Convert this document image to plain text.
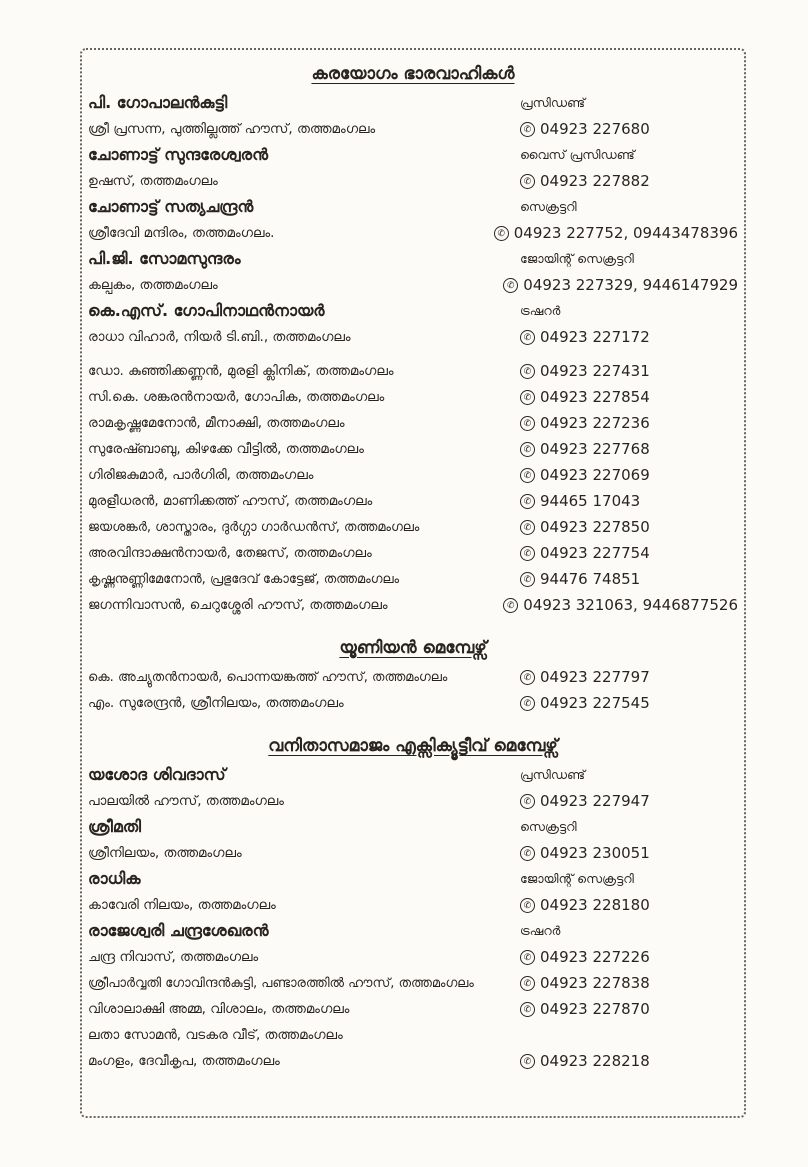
കരയോഗം ഭാരവാഹികൾ
പി. ഗോപാലൻകുട്ടി	പ്രസിഡണ്ട്
ശ്രീ പ്രസന്ന, പുത്തില്ലത്ത് ഹൗസ്, തത്തമംഗലം	✆ 04923 227680
ചോണാട്ട് സുന്ദരേശ്വരൻ	വൈസ് പ്രസിഡണ്ട്
ഉഷസ്, തത്തമംഗലം	✆ 04923 227882
ചോണാട്ട് സത്യചന്ദ്രൻ	സെക്രട്ടറി
ശ്രീദേവി മന്ദിരം, തത്തമംഗലം.	✆ 04923 227752, 09443478396
പി.ജി. സോമസുന്ദരം	ജോയിന്റ് സെക്രട്ടറി
കല്പകം, തത്തമംഗലം	✆ 04923 227329, 9446147929
കെ.എസ്. ഗോപിനാഥൻനായർ	ട്രഷറർ
രാധാ വിഹാർ, നിയർ ടി.ബി., തത്തമംഗലം	✆ 04923 227172
ഡോ. കുഞ്ഞിക്കണ്ണൻ, മുരളി ക്ലിനിക്, തത്തമംഗലം	✆ 04923 227431
സി.കെ. ശങ്കരൻനായർ, ഗോപിക, തത്തമംഗലം	✆ 04923 227854
രാമകൃഷ്ണമേനോൻ, മീനാക്ഷി, തത്തമംഗലം	✆ 04923 227236
സുരേഷ്ബാബു, കിഴക്കേ വീട്ടിൽ, തത്തമംഗലം	✆ 04923 227768
ഗിരിജകുമാർ, പാർഗിരി, തത്തമംഗലം	✆ 04923 227069
മുരളീധരൻ, മാണിക്കത്ത് ഹൗസ്, തത്തമംഗലം	✆ 94465 17043
ജയശങ്കർ, ശാസ്താരം, ദുർഗ്ഗാ ഗാർഡൻസ്, തത്തമംഗലം	✆ 04923 227850
അരവിന്ദാക്ഷൻനായർ, തേജസ്, തത്തമംഗലം	✆ 04923 227754
കൃഷ്ണനുണ്ണിമേനോൻ, പ്രഭുദേവ് കോട്ടേജ്, തത്തമംഗലം	✆ 94476 74851
ജഗന്നിവാസൻ, ചെറുശ്ശേരി ഹൗസ്, തത്തമംഗലം	✆ 04923 321063, 9446877526
യൂണിയൻ മെമ്പേഴ്സ്
കെ. അച്യുതൻനായർ, പൊന്നയങ്കത്ത് ഹൗസ്, തത്തമംഗലം	✆ 04923 227797
എം. സുരേന്ദ്രൻ, ശ്രീനിലയം, തത്തമംഗലം	✆ 04923 227545
വനിതാസമാജം എക്സിക്യൂട്ടീവ് മെമ്പേഴ്സ്
യശോദ ശിവദാസ്	പ്രസിഡണ്ട്
പാലയിൽ ഹൗസ്, തത്തമംഗലം	✆ 04923 227947
ശ്രീമതി	സെക്രട്ടറി
ശ്രീനിലയം, തത്തമംഗലം	✆ 04923 230051
രാധിക	ജോയിന്റ് സെക്രട്ടറി
കാവേരി നിലയം, തത്തമംഗലം	✆ 04923 228180
രാജേശ്വരി ചന്ദ്രശേഖരൻ	ട്രഷറർ
ചന്ദ്ര നിവാസ്, തത്തമംഗലം	✆ 04923 227226
ശ്രീപാർവ്വതി ഗോവിന്ദൻകുട്ടി, പണ്ടാരത്തിൽ ഹൗസ്, തത്തമംഗലം	✆ 04923 227838
വിശാലാക്ഷി അമ്മ, വിശാലം, തത്തമംഗലം	✆ 04923 227870
ലതാ സോമൻ, വടകര വീട്, തത്തമംഗലം
മംഗളം, ദേവീകൃപ, തത്തമംഗലം	✆ 04923 228218
